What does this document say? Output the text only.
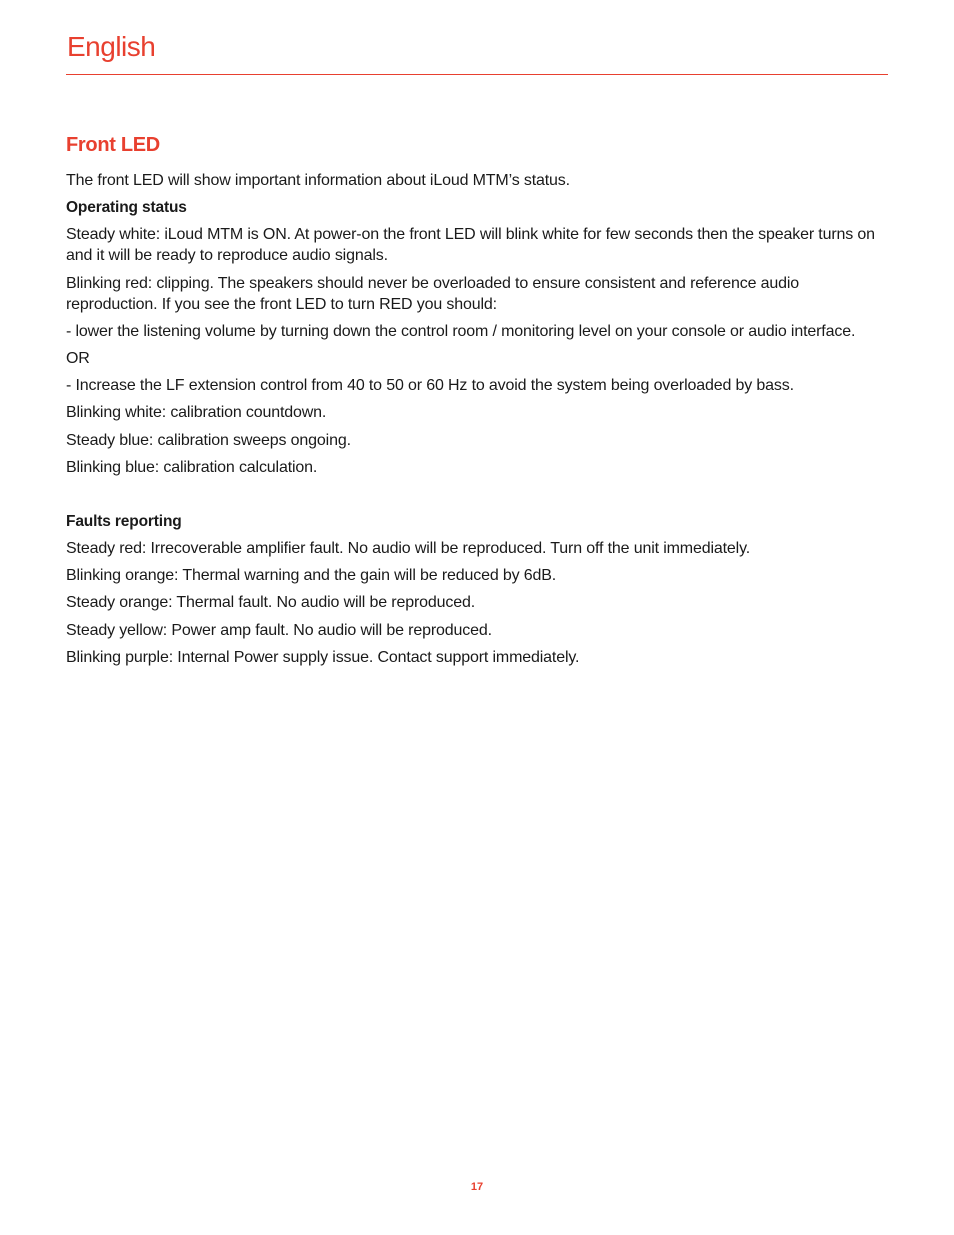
English
Front LED

The front LED will show important information about iLoud MTM’s status.

Operating status

Steady white: iLoud MTM is ON. At power-on the front LED will blink white for few seconds then the speaker turns on and it will be ready to reproduce audio signals.

Blinking red: clipping. The speakers should never be overloaded to ensure consistent and reference audio reproduction. If you see the front LED to turn RED you should:

- lower the listening volume by turning down the control room / monitoring level on your console or audio interface.

OR

- Increase the LF extension control from 40 to 50 or 60 Hz to avoid the system being overloaded by bass.

Blinking white: calibration countdown.

Steady blue: calibration sweeps ongoing.

Blinking blue: calibration calculation.

Faults reporting

Steady red: Irrecoverable amplifier fault. No audio will be reproduced. Turn off the unit immediately.

Blinking orange: Thermal warning and the gain will be reduced by 6dB.

Steady orange: Thermal fault. No audio will be reproduced.

Steady yellow: Power amp fault. No audio will be reproduced.

Blinking purple: Internal Power supply issue. Contact support immediately.

17
